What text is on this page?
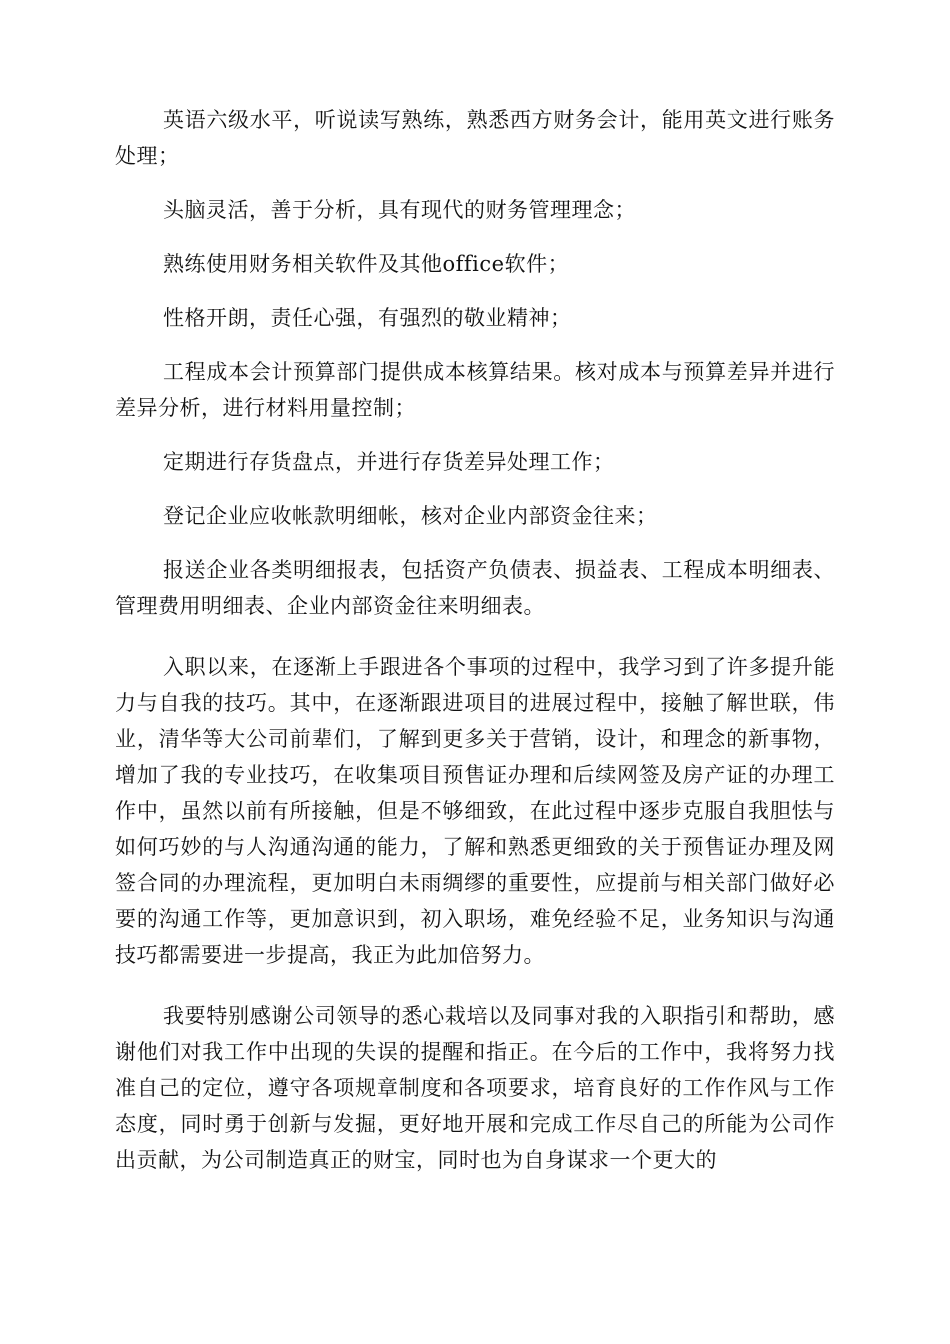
英语六级水平，听说读写熟练，熟悉西方财务会计，能用英文进行账务处理；

头脑灵活，善于分析，具有现代的财务管理理念；

熟练使用财务相关软件及其他office软件；

性格开朗，责任心强，有强烈的敬业精神；

工程成本会计预算部门提供成本核算结果。核对成本与预算差异并进行差异分析，进行材料用量控制；

定期进行存货盘点，并进行存货差异处理工作；

登记企业应收帐款明细帐，核对企业内部资金往来；

报送企业各类明细报表，包括资产负债表、损益表、工程成本明细表、管理费用明细表、企业内部资金往来明细表。

入职以来，在逐渐上手跟进各个事项的过程中，我学习到了许多提升能力与自我的技巧。其中，在逐渐跟进项目的进展过程中，接触了解世联，伟业，清华等大公司前辈们，了解到更多关于营销，设计，和理念的新事物，增加了我的专业技巧，在收集项目预售证办理和后续网签及房产证的办理工作中，虽然以前有所接触，但是不够细致，在此过程中逐步克服自我胆怯与如何巧妙的与人沟通沟通的能力，了解和熟悉更细致的关于预售证办理及网签合同的办理流程，更加明白未雨绸缪的重要性，应提前与相关部门做好必要的沟通工作等，更加意识到，初入职场，难免经验不足，业务知识与沟通技巧都需要进一步提高，我正为此加倍努力。

我要特别感谢公司领导的悉心栽培以及同事对我的入职指引和帮助，感谢他们对我工作中出现的失误的提醒和指正。在今后的工作中，我将努力找准自己的定位，遵守各项规章制度和各项要求，培育良好的工作作风与工作态度，同时勇于创新与发掘，更好地开展和完成工作尽自己的所能为公司作出贡献，为公司制造真正的财宝，同时也为自身谋求一个更大的
